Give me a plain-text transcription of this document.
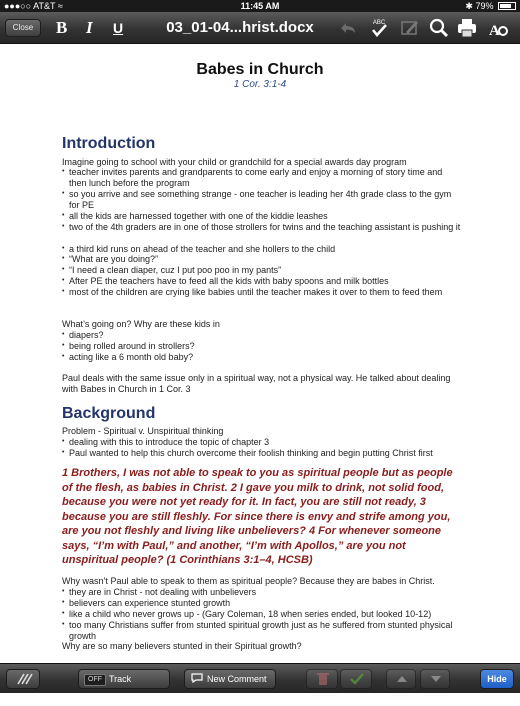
●●●○○ AT&T ≈	11:45 AM	✱ 79%
Close	B I U	03_01-04...hrist.docx	ABC	A
Babes in Church
1 Cor. 3:1-4
Introduction
Imagine going to school with your child or grandchild for a special awards day program
• teacher invites parents and grandparents to come early and enjoy a morning of story time and then lunch before the program
• so you arrive and see something strange - one teacher is leading her 4th grade class to the gym for PE
• all the kids are harnessed together with one of the kiddie leashes
• two of the 4th graders are in one of those strollers for twins and the teaching assistant is pushing it
• a third kid runs on ahead of the teacher and she hollers to the child
• “What are you doing?”
• “I need a clean diaper, cuz I put poo poo in my pants”
• After PE the teachers have to feed all the kids with baby spoons and milk bottles
• most of the children are crying like babies until the teacher makes it over to them to feed them
What’s going on? Why are these kids in
• diapers?
• being rolled around in strollers?
• acting like a 6 month old baby?
Paul deals with the same issue only in a spiritual way, not a physical way. He talked about dealing with Babes in Church in 1 Cor. 3
Background
Problem - Spiritual v. Unspiritual thinking
• dealing with this to introduce the topic of chapter 3
• Paul wanted to help this church overcome their foolish thinking and begin putting Christ first
1 Brothers, I was not able to speak to you as spiritual people but as people of the flesh, as babies in Christ. 2 I gave you milk to drink, not solid food, because you were not yet ready for it. In fact, you are still not ready, 3 because you are still fleshly. For since there is envy and strife among you, are you not fleshly and living like unbelievers? 4 For whenever someone says, “I’m with Paul,” and another, “I’m with Apollos,” are you not unspiritual people? (1 Corinthians 3:1–4, HCSB)
Why wasn’t Paul able to speak to them as spiritual people? Because they are babes in Christ.
• they are in Christ - not dealing with unbelievers
• believers can experience stunted growth
• like a child who never grows up - (Gary Coleman, 18 when series ended, but looked 10-12)
• too many Christians suffer from stunted spiritual growth just as he suffered from stunted physical growth
Why are so many believers stunted in their Spiritual growth?
OFF Track Changes
New Comment	Hide
